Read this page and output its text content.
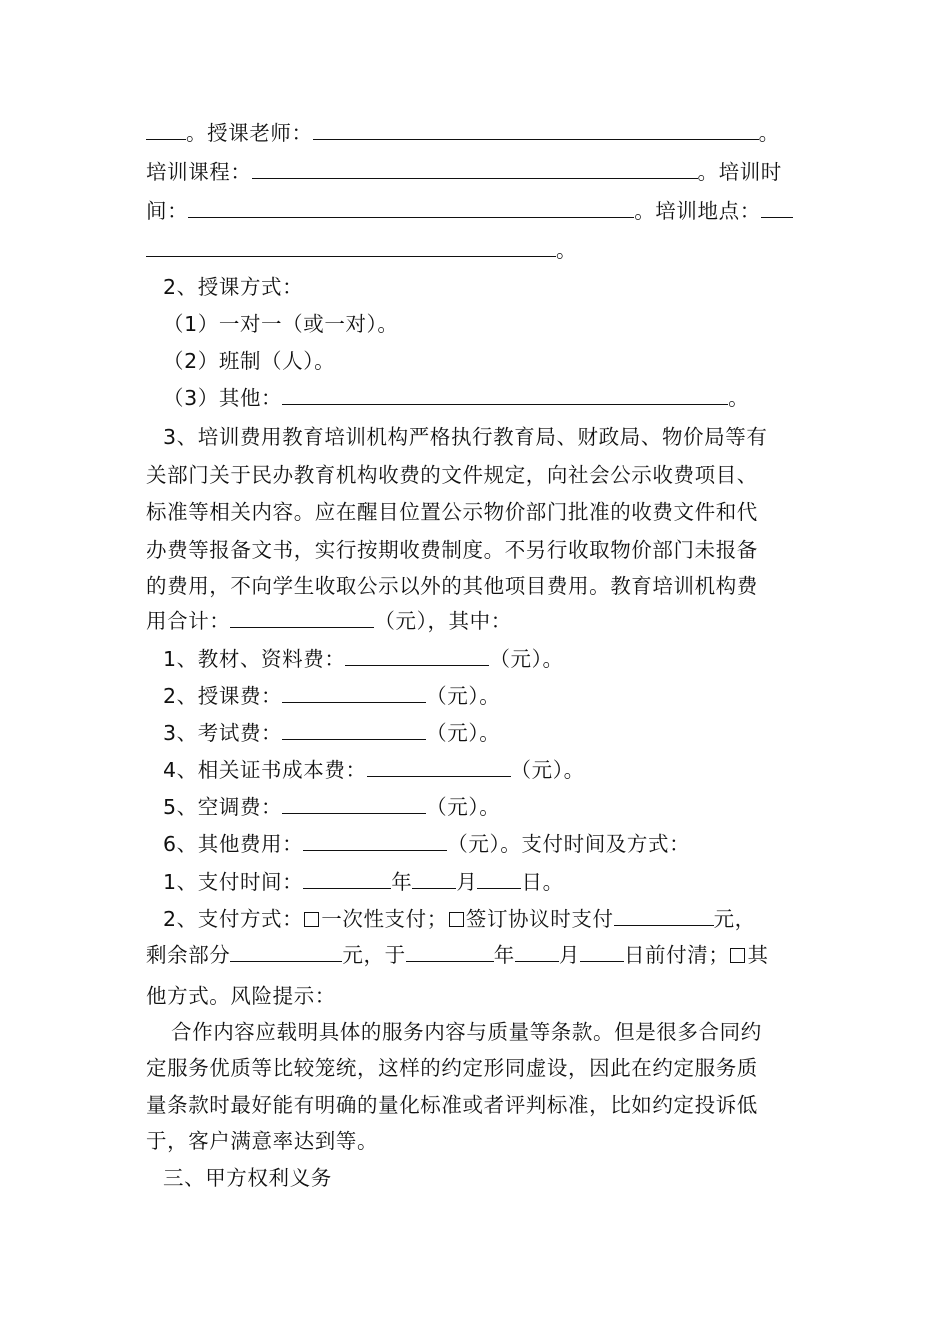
。授课老师：	。
培训课程：	。培训时
间：	。培训地点：
。
2、授课方式：
（1）一对一（或一对）。
（2）班制（人）。
（3）其他：	。
3、培训费用教育培训机构严格执行教育局、财政局、物价局等有
关部门关于民办教育机构收费的文件规定，向社会公示收费项目、
标准等相关内容。应在醒目位置公示物价部门批准的收费文件和代
办费等报备文书，实行按期收费制度。不另行收取物价部门未报备
的费用，不向学生收取公示以外的其他项目费用。教育培训机构费
用合计：	（元），其中：
1、教材、资料费：	（元）。
2、授课费：	（元）。
3、考试费：	（元）。
4、相关证书成本费：	（元）。
5、空调费：	（元）。
6、其他费用：	（元）。支付时间及方式：
1、支付时间：	年 月 日。
2、支付方式： 一次性支付； 签订协议时支付	元，
剩余部分	元，于	年 月 日前付清； 其
他方式。风险提示：
合作内容应载明具体的服务内容与质量等条款。但是很多合同约
定服务优质等比较笼统，这样的约定形同虚设，因此在约定服务质
量条款时最好能有明确的量化标准或者评判标准，比如约定投诉低
于，客户满意率达到等。
三、甲方权利义务
